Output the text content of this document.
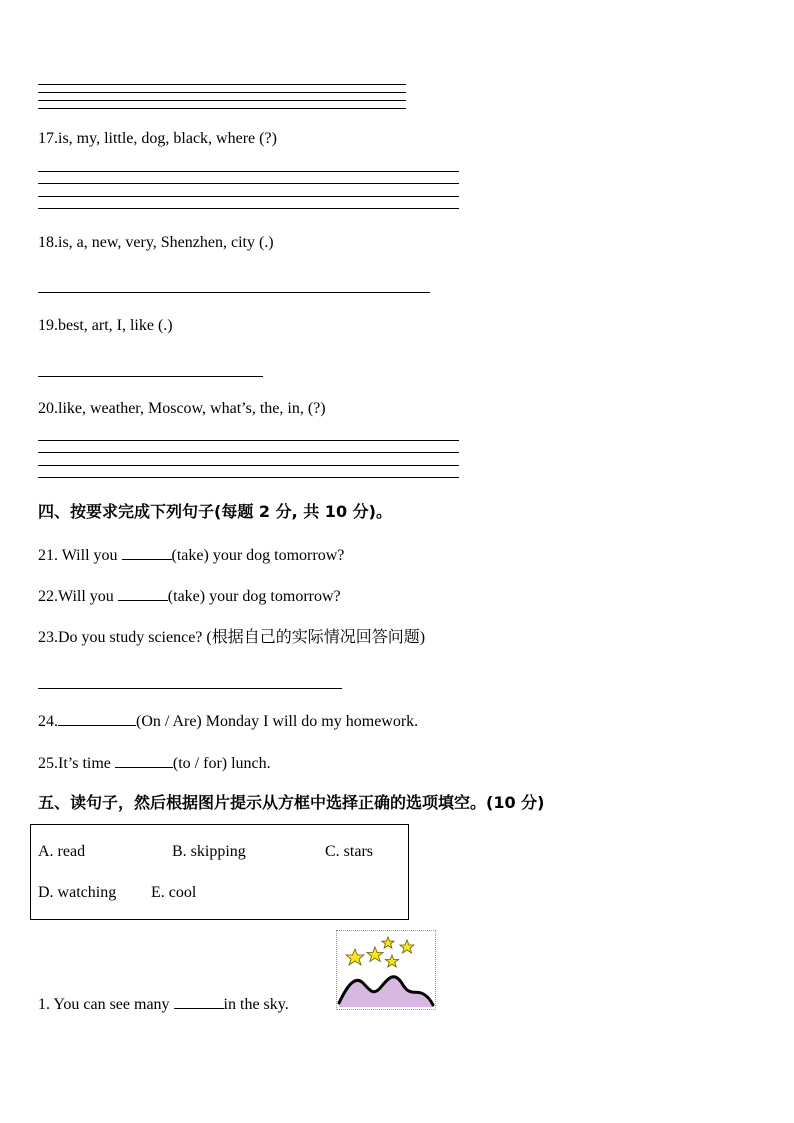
17.is, my, little, dog, black, where (?)
18.is, a, new, very, Shenzhen, city (.)
19.best, art, I, like (.)
20.like, weather, Moscow, what’s, the, in, (?)
四、按要求完成下列句子(每题 2 分, 共 10 分)。
21. Will you	(take) your dog tomorrow?
22.Will you	(take) your dog tomorrow?
23.Do you study science? (根据自己的实际情况回答问题)
24.	(On / Are) Monday I will do my homework.
25.It’s time	(to / for) lunch.
五、读句子，然后根据图片提示从方框中选择正确的选项填空。(10 分)
A. read	B. skipping	C. stars
D. watching E. cool
1. You can see many	in the sky.
